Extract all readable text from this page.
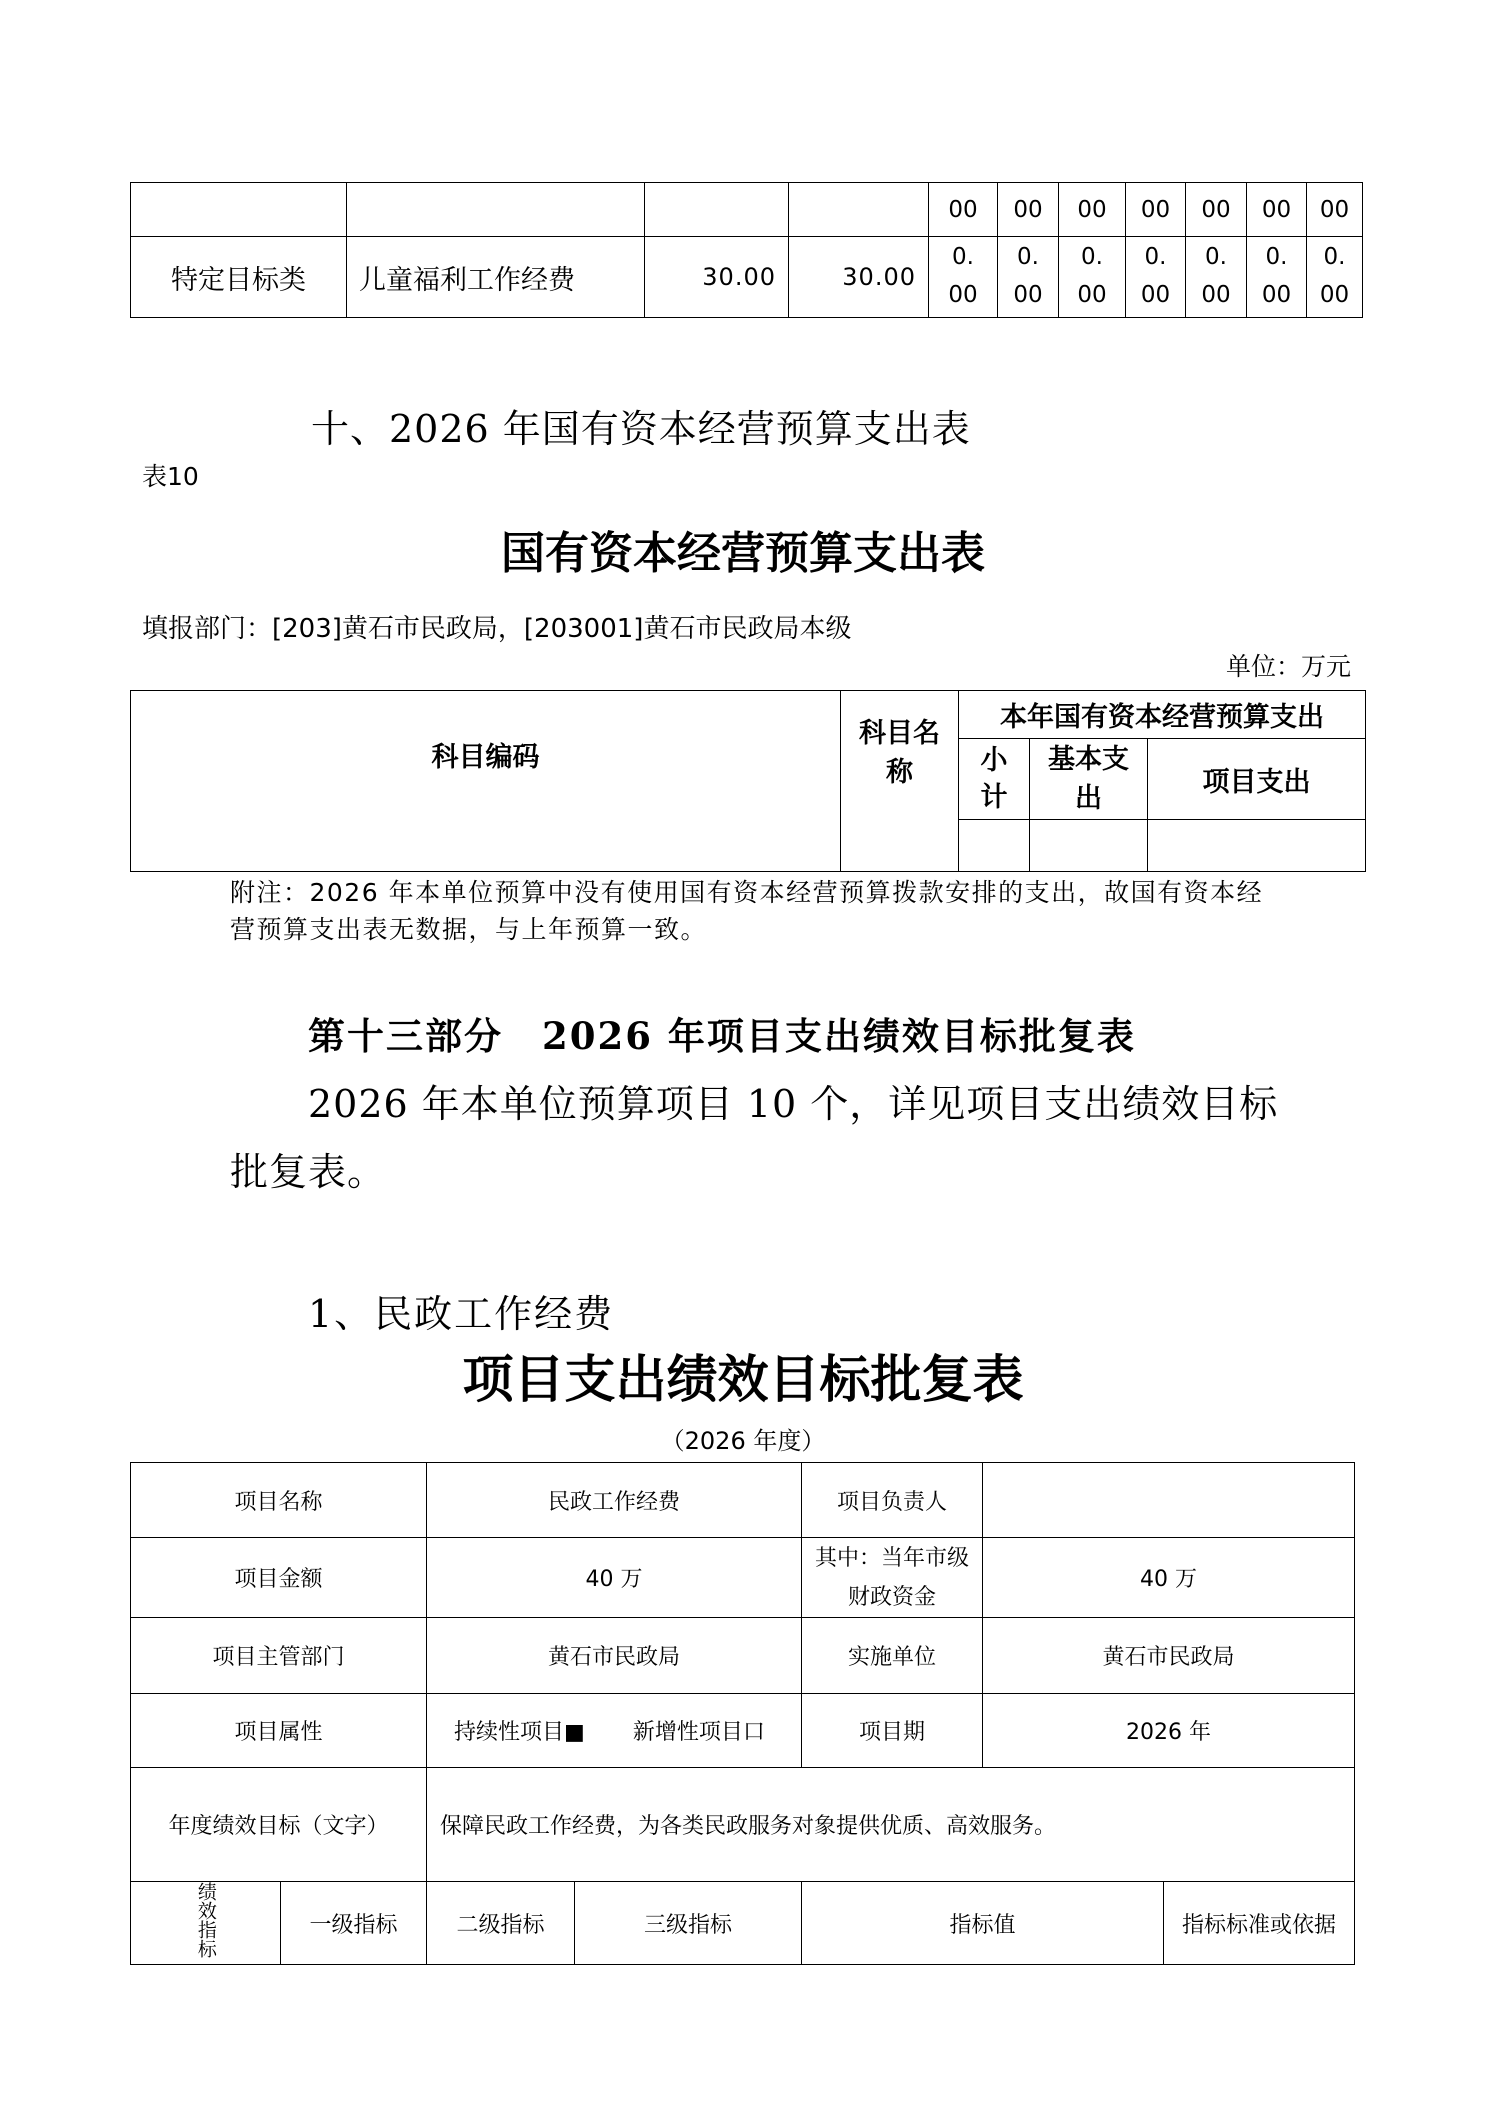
				00	00	00	00	00	00	00
特定目标类	儿童福利工作经费	30.00	30.00	0.00	0.00	0.00	0.00	0.00	0.00	0.00
十、2026 年国有资本经营预算支出表
表10
国有资本经营预算支出表
填报部门：[203]黄石市民政局，[203001]黄石市民政局本级
单位：万元
科目编码	科目名称	本年国有资本经营预算支出		
		小计	基本支出	项目支出

附注：2026 年本单位预算中没有使用国有资本经营预算拨款安排的支出，故国有资本经
营预算支出表无数据，与上年预算一致。
第十三部分　2026 年项目支出绩效目标批复表
2026 年本单位预算项目 10 个，详见项目支出绩效目标
批复表。
1、民政工作经费
项目支出绩效目标批复表
（2026 年度）
项目名称		民政工作经费		项目负责人		
项目金额		40 万		其中：当年市级财政资金	40 万	
项目主管部门		黄石市民政局		实施单位	黄石市民政局	
项目属性		持续性项目■ 新增性项目口		项目期	2026 年	
年度绩效目标（文字）		保障民政工作经费，为各类民政服务对象提供优质、高效服务。				
绩效指标	一级指标	二级指标	三级指标	指标值		指标标准或依据
